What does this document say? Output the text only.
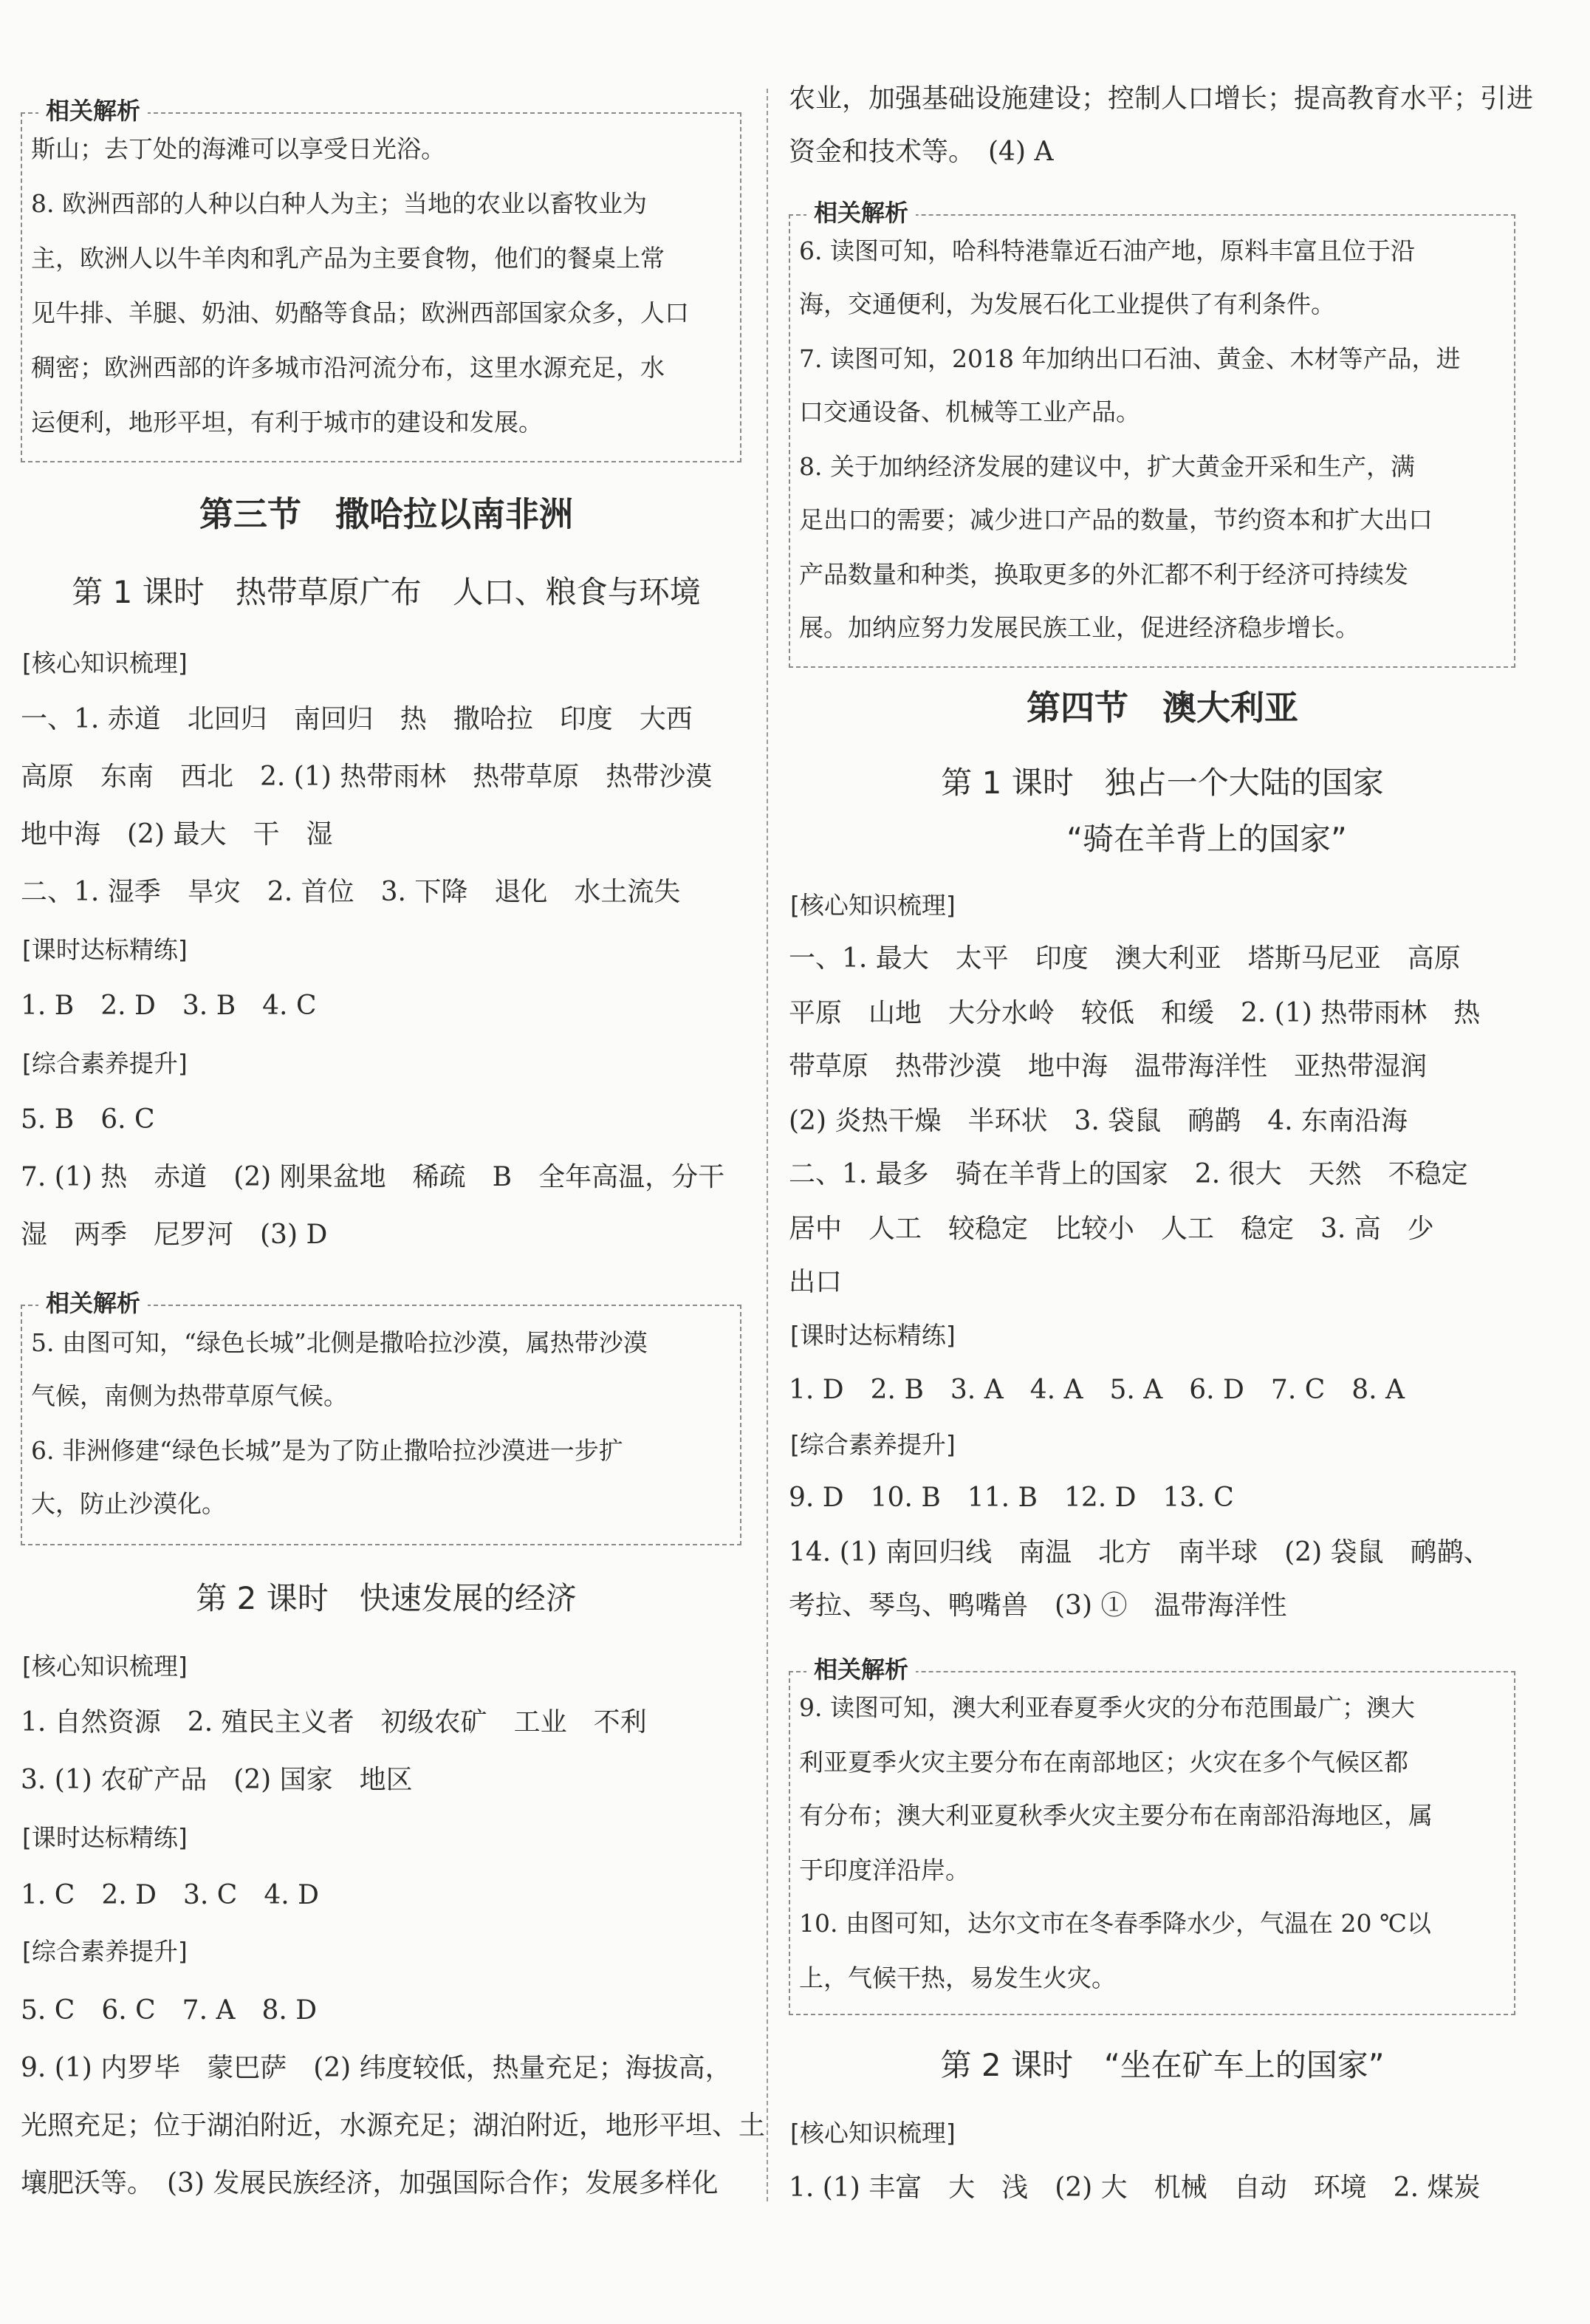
相关解析
斯山；去丁处的海滩可以享受日光浴。
8. 欧洲西部的人种以白种人为主；当地的农业以畜牧业为
主，欧洲人以牛羊肉和乳产品为主要食物，他们的餐桌上常
见牛排、羊腿、奶油、奶酪等食品；欧洲西部国家众多，人口
稠密；欧洲西部的许多城市沿河流分布，这里水源充足，水
运便利，地形平坦，有利于城市的建设和发展。
第三节　撒哈拉以南非洲
第 1 课时　热带草原广布　人口、粮食与环境
[核心知识梳理]
一、1. 赤道　北回归　南回归　热　撒哈拉　印度　大西
高原　东南　西北　2. (1) 热带雨林　热带草原　热带沙漠
地中海　(2) 最大　干　湿
二、1. 湿季　旱灾　2. 首位　3. 下降　退化　水土流失
[课时达标精练]
1. B　2. D　3. B　4. C
[综合素养提升]
5. B　6. C
7. (1) 热　赤道　(2) 刚果盆地　稀疏　B　全年高温，分干
湿　两季　尼罗河　(3) D
相关解析
5. 由图可知，“绿色长城”北侧是撒哈拉沙漠，属热带沙漠
气候，南侧为热带草原气候。
6. 非洲修建“绿色长城”是为了防止撒哈拉沙漠进一步扩
大，防止沙漠化。
第 2 课时　快速发展的经济
[核心知识梳理]
1. 自然资源　2. 殖民主义者　初级农矿　工业　不利
3. (1) 农矿产品　(2) 国家　地区
[课时达标精练]
1. C　2. D　3. C　4. D
[综合素养提升]
5. C　6. C　7. A　8. D
9. (1) 内罗毕　蒙巴萨　(2) 纬度较低，热量充足；海拔高，
光照充足；位于湖泊附近，水源充足；湖泊附近，地形平坦、土
壤肥沃等。　(3) 发展民族经济，加强国际合作；发展多样化
农业，加强基础设施建设；控制人口增长；提高教育水平；引进
资金和技术等。　(4) A
相关解析
6. 读图可知，哈科特港靠近石油产地，原料丰富且位于沿
海，交通便利，为发展石化工业提供了有利条件。
7. 读图可知，2018 年加纳出口石油、黄金、木材等产品，进
口交通设备、机械等工业产品。
8. 关于加纳经济发展的建议中，扩大黄金开采和生产，满
足出口的需要；减少进口产品的数量，节约资本和扩大出口
产品数量和种类，换取更多的外汇都不利于经济可持续发
展。加纳应努力发展民族工业，促进经济稳步增长。
第四节　澳大利亚
第 1 课时　独占一个大陆的国家
“骑在羊背上的国家”
[核心知识梳理]
一、1. 最大　太平　印度　澳大利亚　塔斯马尼亚　高原
平原　山地　大分水岭　较低　和缓　2. (1) 热带雨林　热
带草原　热带沙漠　地中海　温带海洋性　亚热带湿润
(2) 炎热干燥　半环状　3. 袋鼠　鸸鹋　4. 东南沿海
二、1. 最多　骑在羊背上的国家　2. 很大　天然　不稳定
居中　人工　较稳定　比较小　人工　稳定　3. 高　少
出口
[课时达标精练]
1. D　2. B　3. A　4. A　5. A　6. D　7. C　8. A
[综合素养提升]
9. D　10. B　11. B　12. D　13. C
14. (1) 南回归线　南温　北方　南半球　(2) 袋鼠　鸸鹋、
考拉、琴鸟、鸭嘴兽　(3) ①　温带海洋性
相关解析
9. 读图可知，澳大利亚春夏季火灾的分布范围最广；澳大
利亚夏季火灾主要分布在南部地区；火灾在多个气候区都
有分布；澳大利亚夏秋季火灾主要分布在南部沿海地区，属
于印度洋沿岸。
10. 由图可知，达尔文市在冬春季降水少，气温在 20 ℃以
上，气候干热，易发生火灾。
第 2 课时　“坐在矿车上的国家”
[核心知识梳理]
1. (1) 丰富　大　浅　(2) 大　机械　自动　环境　2. 煤炭
